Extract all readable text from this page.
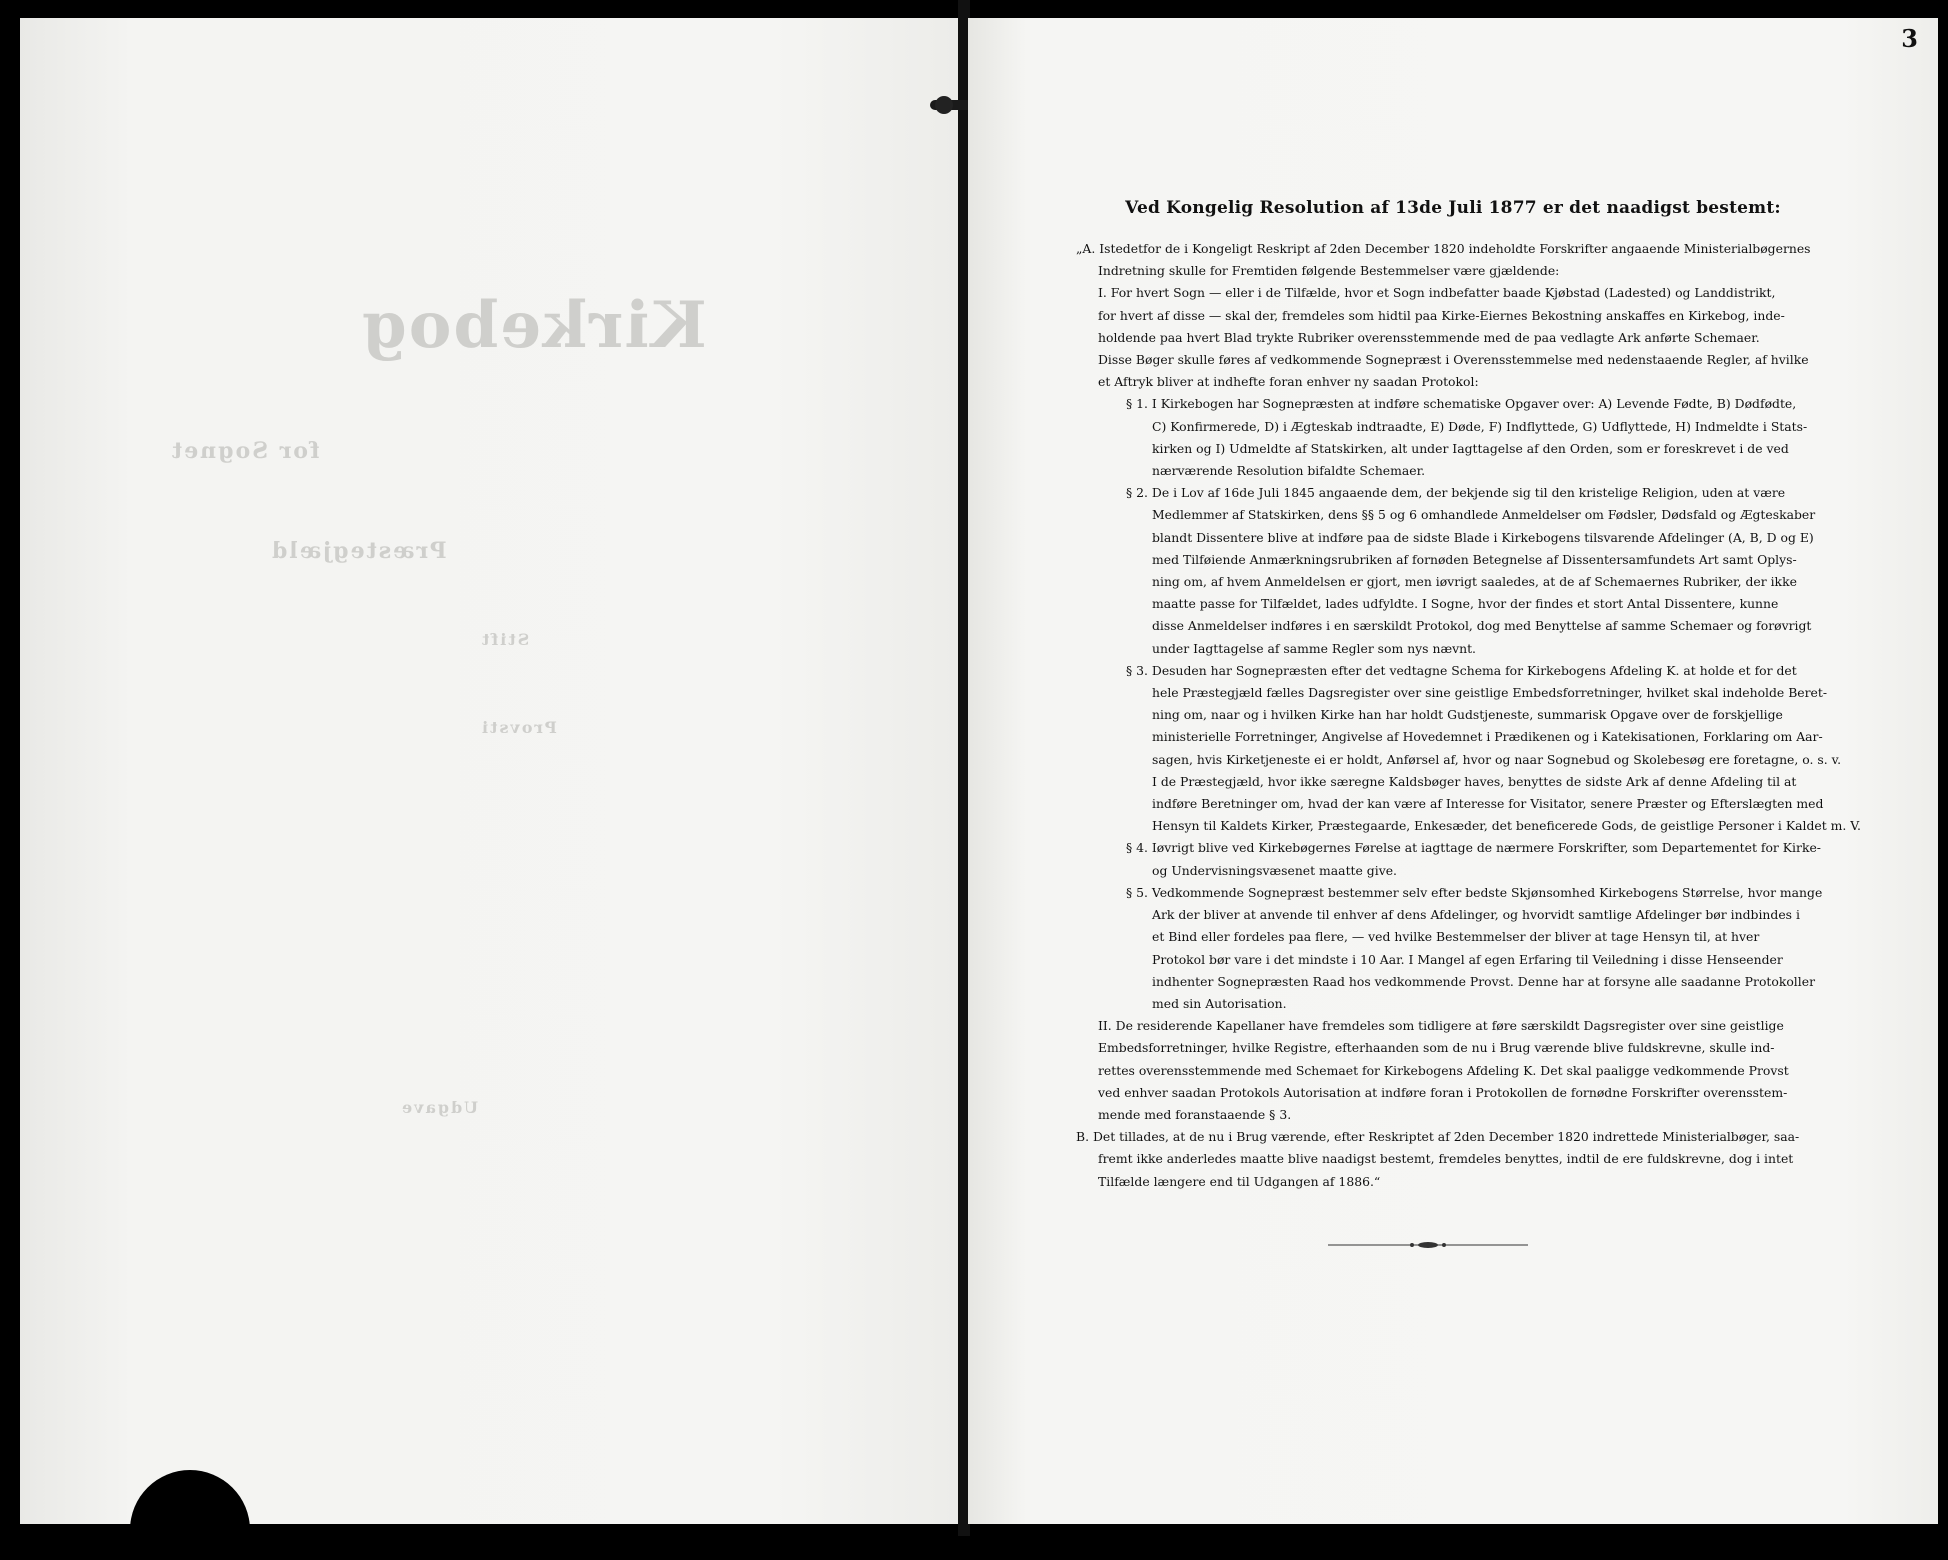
Kirkebog
for Sognet
Præstegjæld
Stift
Provsti
Udgave
3
Ved Kongelig Resolution af 13de Juli 1877 er det naadigst bestemt:
„A. Istedetfor de i Kongeligt Reskript af 2den December 1820 indeholdte Forskrifter angaaende Ministerialbøgernes
Indretning skulle for Fremtiden følgende Bestemmelser være gjældende:
I. For hvert Sogn — eller i de Tilfælde, hvor et Sogn indbefatter baade Kjøbstad (Ladested) og Landdistrikt,
for hvert af disse — skal der, fremdeles som hidtil paa Kirke-Eiernes Bekostning anskaffes en Kirkebog, inde-
holdende paa hvert Blad trykte Rubriker overensstemmende med de paa vedlagte Ark anførte Schemaer.
Disse Bøger skulle føres af vedkommende Sognepræst i Overensstemmelse med nedenstaaende Regler, af hvilke
et Aftryk bliver at indhefte foran enhver ny saadan Protokol:
§ 1. I Kirkebogen har Sognepræsten at indføre schematiske Opgaver over: A) Levende Fødte, B) Dødfødte,
C) Konfirmerede, D) i Ægteskab indtraadte, E) Døde, F) Indflyttede, G) Udflyttede, H) Indmeldte i Stats-
kirken og I) Udmeldte af Statskirken, alt under Iagttagelse af den Orden, som er foreskrevet i de ved
nærværende Resolution bifaldte Schemaer.
§ 2. De i Lov af 16de Juli 1845 angaaende dem, der bekjende sig til den kristelige Religion, uden at være
Medlemmer af Statskirken, dens §§ 5 og 6 omhandlede Anmeldelser om Fødsler, Dødsfald og Ægteskaber
blandt Dissentere blive at indføre paa de sidste Blade i Kirkebogens tilsvarende Afdelinger (A, B, D og E)
med Tilføiende Anmærkningsrubriken af fornøden Betegnelse af Dissentersamfundets Art samt Oplys-
ning om, af hvem Anmeldelsen er gjort, men iøvrigt saaledes, at de af Schemaernes Rubriker, der ikke
maatte passe for Tilfældet, lades udfyldte. I Sogne, hvor der findes et stort Antal Dissentere, kunne
disse Anmeldelser indføres i en særskildt Protokol, dog med Benyttelse af samme Schemaer og forøvrigt
under Iagttagelse af samme Regler som nys nævnt.
§ 3. Desuden har Sognepræsten efter det vedtagne Schema for Kirkebogens Afdeling K. at holde et for det
hele Præstegjæld fælles Dagsregister over sine geistlige Embedsforretninger, hvilket skal indeholde Beret-
ning om, naar og i hvilken Kirke han har holdt Gudstjeneste, summarisk Opgave over de forskjellige
ministerielle Forretninger, Angivelse af Hovedemnet i Prædikenen og i Katekisationen, Forklaring om Aar-
sagen, hvis Kirketjeneste ei er holdt, Anførsel af, hvor og naar Sognebud og Skolebesøg ere foretagne, o. s. v.
I de Præstegjæld, hvor ikke særegne Kaldsbøger haves, benyttes de sidste Ark af denne Afdeling til at
indføre Beretninger om, hvad der kan være af Interesse for Visitator, senere Præster og Efterslægten med
Hensyn til Kaldets Kirker, Præstegaarde, Enkesæder, det beneficerede Gods, de geistlige Personer i Kaldet m. V.
§ 4. Iøvrigt blive ved Kirkebøgernes Førelse at iagttage de nærmere Forskrifter, som Departementet for Kirke-
og Undervisningsvæsenet maatte give.
§ 5. Vedkommende Sognepræst bestemmer selv efter bedste Skjønsomhed Kirkebogens Størrelse, hvor mange
Ark der bliver at anvende til enhver af dens Afdelinger, og hvorvidt samtlige Afdelinger bør indbindes i
et Bind eller fordeles paa flere, — ved hvilke Bestemmelser der bliver at tage Hensyn til, at hver
Protokol bør vare i det mindste i 10 Aar. I Mangel af egen Erfaring til Veiledning i disse Henseender
indhenter Sognepræsten Raad hos vedkommende Provst. Denne har at forsyne alle saadanne Protokoller
med sin Autorisation.
II. De residerende Kapellaner have fremdeles som tidligere at føre særskildt Dagsregister over sine geistlige
Embedsforretninger, hvilke Registre, efterhaanden som de nu i Brug værende blive fuldskrevne, skulle ind-
rettes overensstemmende med Schemaet for Kirkebogens Afdeling K. Det skal paaligge vedkommende Provst
ved enhver saadan Protokols Autorisation at indføre foran i Protokollen de fornødne Forskrifter overensstem-
mende med foranstaaende § 3.
B. Det tillades, at de nu i Brug værende, efter Reskriptet af 2den December 1820 indrettede Ministerialbøger, saa-
fremt ikke anderledes maatte blive naadigst bestemt, fremdeles benyttes, indtil de ere fuldskrevne, dog i intet
Tilfælde længere end til Udgangen af 1886.“
